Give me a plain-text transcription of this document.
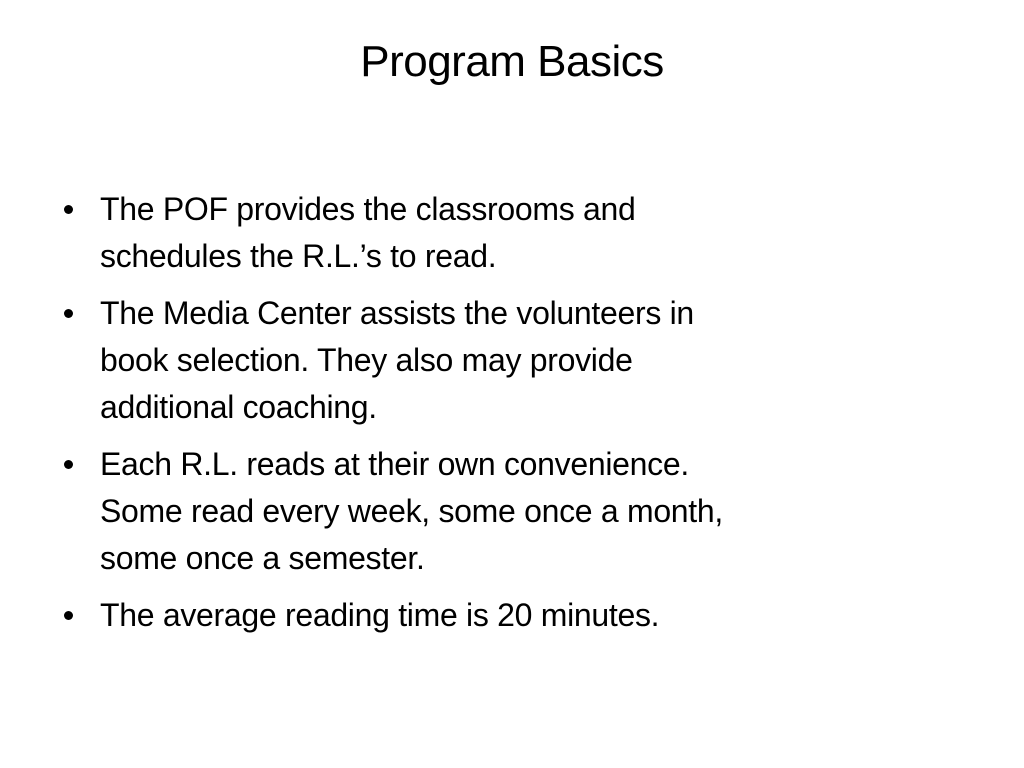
Program Basics
The POF provides the classrooms and
schedules the R.L.’s to read.
The Media Center assists the volunteers in
book selection. They also may provide
additional coaching.
Each R.L. reads at their own convenience.
Some read every week, some once a month,
some once a semester.
The average reading time is 20 minutes.
